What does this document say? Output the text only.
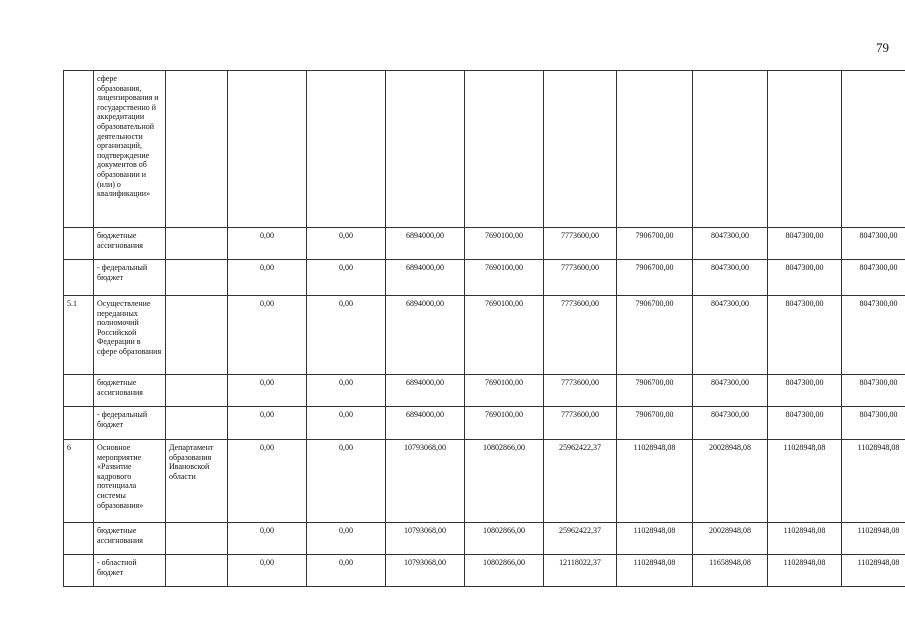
79
	сфере образования, лицензирования и государственно й аккредитации образовательной деятельности организаций, подтверждение документов об образовании и (или) о квалификации»										
	бюджетные ассигнования		0,00	0,00	6894000,00	7690100,00	7773600,00	7906700,00	8047300,00	8047300,00	8047300,00
	- федеральный бюджет		0,00	0,00	6894000,00	7690100,00	7773600,00	7906700,00	8047300,00	8047300,00	8047300,00
5.1	Осуществление переданных полномочий Российской Федерации в сфере образования		0,00	0,00	6894000,00	7690100,00	7773600,00	7906700,00	8047300,00	8047300,00	8047300,00
	бюджетные ассигнования		0,00	0,00	6894000,00	7690100,00	7773600,00	7906700,00	8047300,00	8047300,00	8047300,00
	- федеральный бюджет		0,00	0,00	6894000,00	7690100,00	7773600,00	7906700,00	8047300,00	8047300,00	8047300,00
6	Основное мероприятие «Развитие кадрового потенциала системы образования»	Департамент образования Ивановской области	0,00	0,00	10793068,00	10802866,00	25962422,37	11028948,08	20028948,08	11028948,08	11028948,08
	бюджетные ассигнования		0,00	0,00	10793068,00	10802866,00	25962422,37	11028948,08	20028948,08	11028948,08	11028948,08
	- областной бюджет		0,00	0,00	10793068,00	10802866,00	12118022,37	11028948,08	11658948,08	11028948,08	11028948,08
